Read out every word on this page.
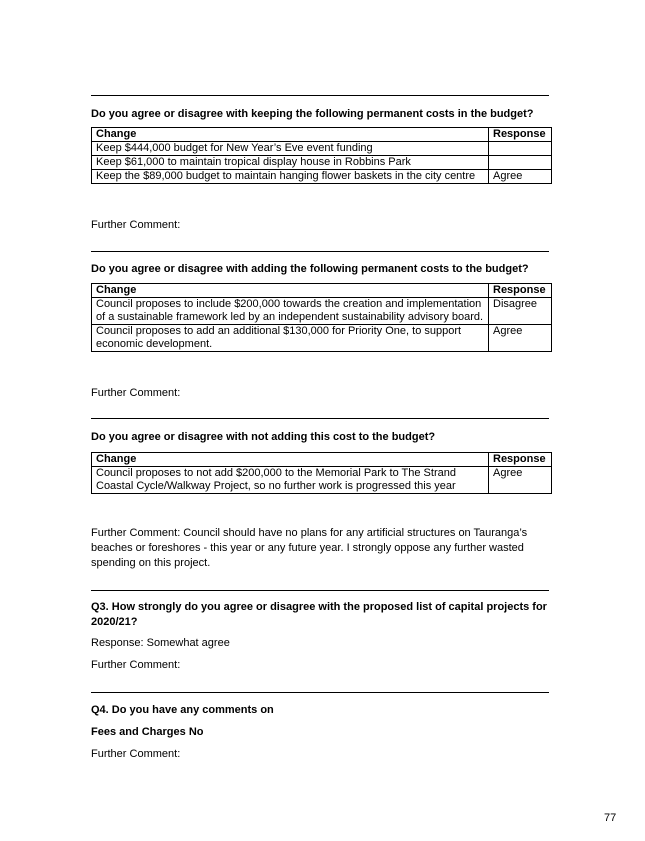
Do you agree or disagree with keeping the following permanent costs in the budget?
Change	Response
Keep $444,000 budget for New Year’s Eve event funding	
Keep $61,000 to maintain tropical display house in Robbins Park	
Keep the $89,000 budget to maintain hanging flower baskets in the city centre	Agree
Further Comment:
Do you agree or disagree with adding the following permanent costs to the budget?
Change	Response
Council proposes to include $200,000 towards the creation and implementation of a sustainable framework led by an independent sustainability advisory board.	Disagree
Council proposes to add an additional $130,000 for Priority One, to support economic development.	Agree
Further Comment:
Do you agree or disagree with not adding this cost to the budget?
Change	Response
Council proposes to not add $200,000 to the Memorial Park to The Strand Coastal Cycle/Walkway Project, so no further work is progressed this year	Agree
Further Comment: Council should have no plans for any artificial structures on Tauranga’s beaches or foreshores - this year or any future year. I strongly oppose any further wasted spending on this project.
Q3. How strongly do you agree or disagree with the proposed list of capital projects for 2020/21?
Response: Somewhat agree
Further Comment:
Q4. Do you have any comments on
Fees and Charges No
Further Comment:
77
